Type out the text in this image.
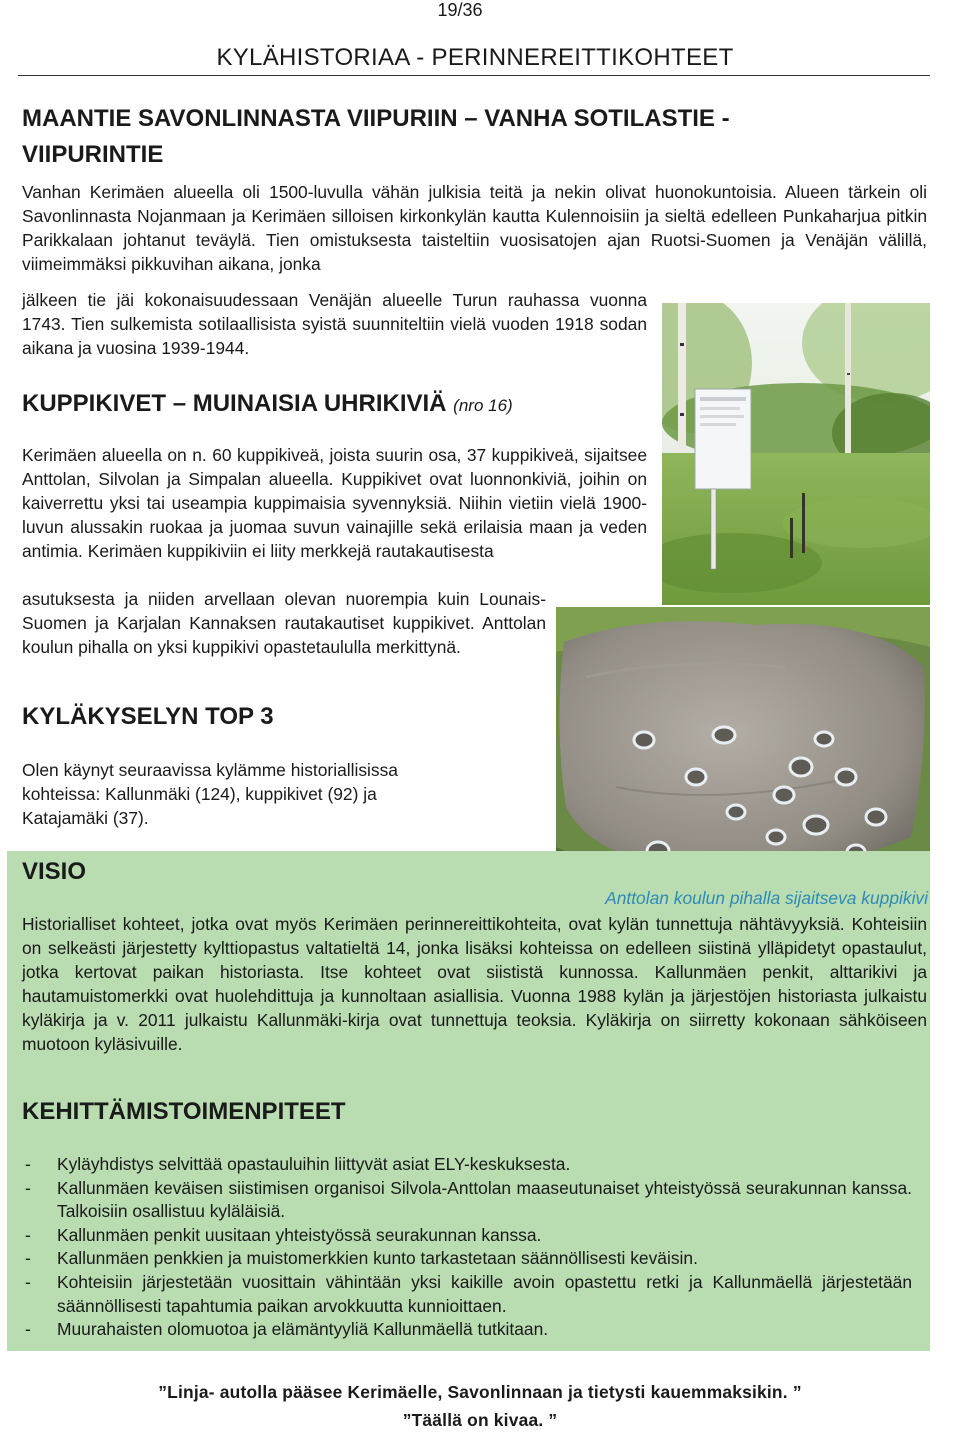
19/36
KYLÄHISTORIAA - PERINNEREITTIKOHTEET
MAANTIE SAVONLINNASTA VIIPURIIN – VANHA SOTILASTIE -
VIIPURINTIE
Vanhan Kerimäen alueella oli 1500-luvulla vähän julkisia teitä ja nekin olivat huonokuntoisia. Alueen tärkein oli Savonlinnasta Nojanmaan ja Kerimäen silloisen kirkonkylän kautta Kulennoisiin ja sieltä edelleen Punkaharjua pitkin Parikkalaan johtanut teväylä. Tien omistuksesta taisteltiin vuosisatojen ajan Ruotsi-Suomen ja Venäjän välillä, viimeimmäksi pikkuvihan aikana, jonka
jälkeen tie jäi kokonaisuudessaan Venäjän alueelle Turun rauhassa vuonna 1743. Tien sulkemista sotilaallisista syistä suunniteltiin vielä vuoden 1918 sodan aikana ja vuosina 1939-1944.
KUPPIKIVET – MUINAISIA UHRIKIVIÄ (nro 16)
Kerimäen alueella on n. 60 kuppikiveä, joista suurin osa, 37 kuppikiveä, sijaitsee Anttolan, Silvolan ja Simpalan alueella. Kuppikivet ovat luonnonkiviä, joihin on kaiverrettu yksi tai useampia kuppimaisia syvennyksiä. Niihin vietiin vielä 1900-luvun alussakin ruokaa ja juomaa suvun vainajille sekä erilaisia maan ja veden antimia. Kerimäen kuppikiviin ei liity merkkejä rautakautisesta
asutuksesta ja niiden arvellaan olevan nuorempia kuin Lounais-Suomen ja Karjalan Kannaksen rautakautiset kuppikivet. Anttolan koulun pihalla on yksi kuppikivi opastetaululla merkittynä.
KYLÄKYSELYN TOP 3
Olen käynyt seuraavissa kylämme historiallisissa
kohteissa: Kallunmäki (124), kuppikivet (92) ja
Katajamäki (37).
Anttolan koulun pihalla sijaitseva kuppikivi
VISIO
Historialliset kohteet, jotka ovat myös Kerimäen perinnereittikohteita, ovat kylän tunnettuja nähtävyyksiä. Kohteisiin on selkeästi järjestetty kylttiopastus valtatieltä 14, jonka lisäksi kohteissa on edelleen siistinä ylläpidetyt opastaulut, jotka kertovat paikan historiasta. Itse kohteet ovat siististä kunnossa. Kallunmäen penkit, alttarikivi ja hautamuistomerkki ovat huolehdittuja ja kunnoltaan asiallisia. Vuonna 1988 kylän ja järjestöjen historiasta julkaistu kyläkirja ja v. 2011 julkaistu Kallunmäki-kirja ovat tunnettuja teoksia. Kyläkirja on siirretty kokonaan sähköiseen muotoon kyläsivuille.
KEHITTÄMISTOIMENPITEET
- Kyläyhdistys selvittää opastauluihin liittyvät asiat ELY-keskuksesta.
- Kallunmäen keväisen siistimisen organisoi Silvola-Anttolan maaseutunaiset yhteistyössä seurakunnan kanssa. Talkoisiin osallistuu kyläläisiä.
- Kallunmäen penkit uusitaan yhteistyössä seurakunnan kanssa.
- Kallunmäen penkkien ja muistomerkkien kunto tarkastetaan säännöllisesti keväisin.
- Kohteisiin järjestetään vuosittain vähintään yksi kaikille avoin opastettu retki ja Kallunmäellä järjestetään säännöllisesti tapahtumia paikan arvokkuutta kunnioittaen.
- Muurahaisten olomuotoa ja elämäntyyliä Kallunmäellä tutkitaan.
”Linja- autolla pääsee Kerimäelle, Savonlinnaan ja tietysti kauemmaksikin. ”
”Täällä on kivaa. ”
